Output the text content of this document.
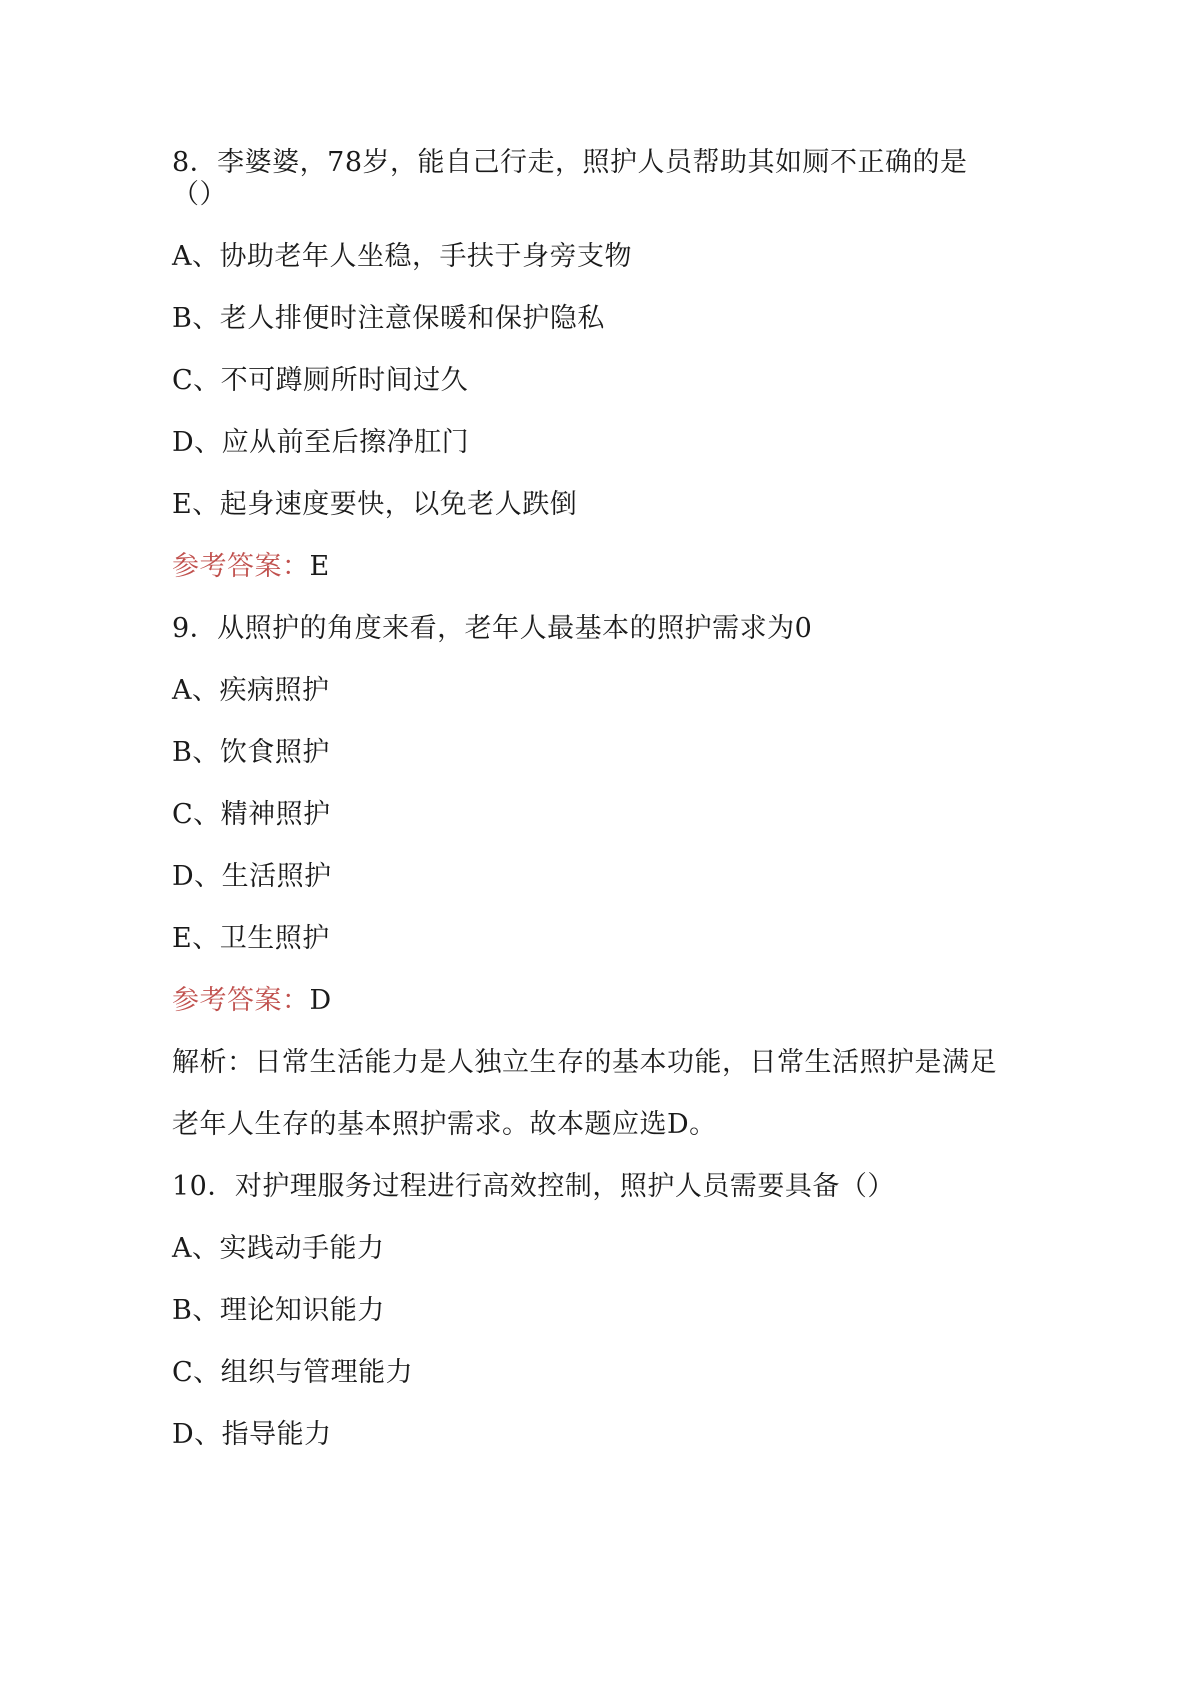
8．李婆婆，78岁，能自己行走，照护人员帮助其如厕不正确的是

（）

A、协助老年人坐稳，手扶于身旁支物

B、老人排便时注意保暖和保护隐私

C、不可蹲厕所时间过久

D、应从前至后擦净肛门

E、起身速度要快，以免老人跌倒

参考答案：E

9．从照护的角度来看，老年人最基本的照护需求为0

A、疾病照护

B、饮食照护

C、精神照护

D、生活照护

E、卫生照护

参考答案：D

解析：日常生活能力是人独立生存的基本功能，日常生活照护是满足

老年人生存的基本照护需求。故本题应选D。

10．对护理服务过程进行高效控制，照护人员需要具备（）

A、实践动手能力

B、理论知识能力

C、组织与管理能力

D、指导能力
